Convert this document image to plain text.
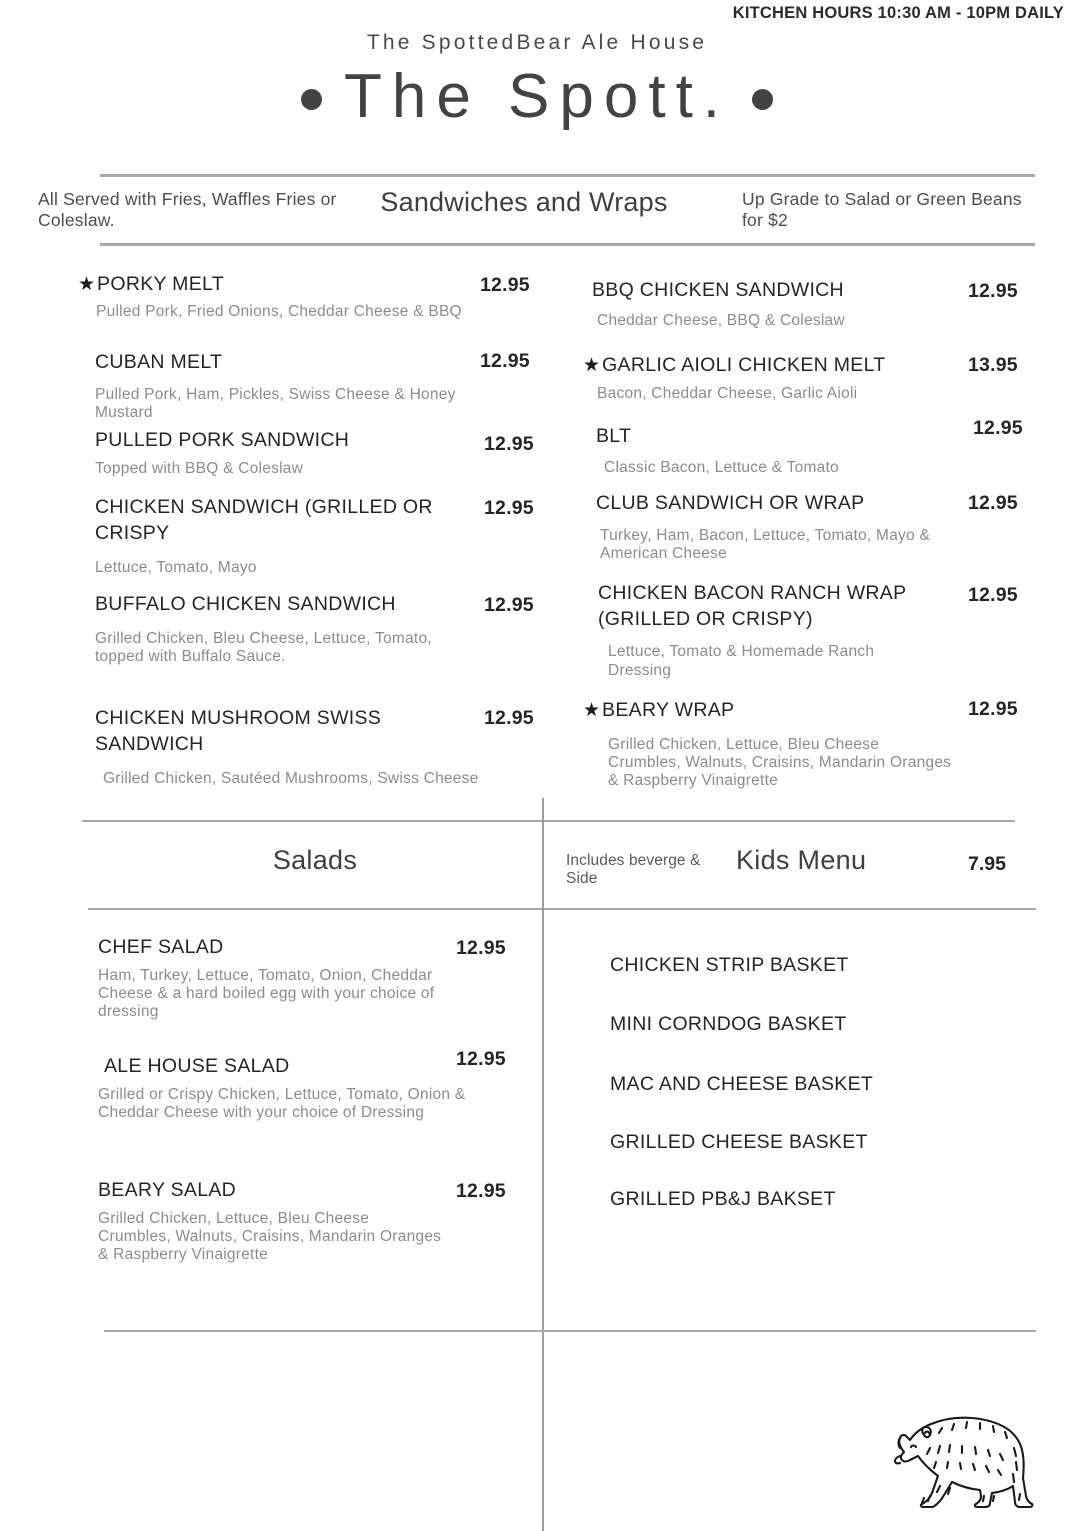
KITCHEN HOURS 10:30 AM - 10PM DAILY
The SpottedBear Ale House
The Spott.
All Served with Fries, Waffles Fries or Coleslaw.
Sandwiches and Wraps	Up Grade to Salad or Green Beans for $2
★ PORKY MELT
Pulled Pork, Fried Onions, Cheddar Cheese & BBQ
12.95
CUBAN MELT
Pulled Pork, Ham, Pickles, Swiss Cheese & Honey Mustard
12.95
PULLED PORK SANDWICH
Topped with BBQ & Coleslaw
12.95
CHICKEN SANDWICH (GRILLED OR CRISPY
Lettuce, Tomato, Mayo
12.95
BUFFALO CHICKEN SANDWICH
Grilled Chicken, Bleu Cheese, Lettuce, Tomato, topped with Buffalo Sauce.
12.95
CHICKEN MUSHROOM SWISS SANDWICH
Grilled Chicken, Sautéed Mushrooms, Swiss Cheese
12.95
BBQ CHICKEN SANDWICH
Cheddar Cheese, BBQ & Coleslaw
12.95
★ GARLIC AIOLI CHICKEN MELT
Bacon, Cheddar Cheese, Garlic Aioli
13.95
BLT
Classic Bacon, Lettuce & Tomato
12.95
CLUB SANDWICH OR WRAP
Turkey, Ham, Bacon, Lettuce, Tomato, Mayo & American Cheese
12.95
CHICKEN BACON RANCH WRAP (GRILLED OR CRISPY)
Lettuce, Tomato & Homemade Ranch Dressing
12.95
★ BEARY WRAP
Grilled Chicken, Lettuce, Bleu Cheese Crumbles, Walnuts, Craisins, Mandarin Oranges & Raspberry Vinaigrette
12.95
Salads	Includes beverge & Side
Kids Menu	7.95
CHEF SALAD
Ham, Turkey, Lettuce, Tomato, Onion, Cheddar Cheese & a hard boiled egg with your choice of dressing
12.95
ALE HOUSE SALAD
Grilled or Crispy Chicken, Lettuce, Tomato, Onion & Cheddar Cheese with your choice of Dressing
12.95
BEARY SALAD
Grilled Chicken, Lettuce, Bleu Cheese Crumbles, Walnuts, Craisins, Mandarin Oranges & Raspberry Vinaigrette
12.95
CHICKEN STRIP BASKET
MINI CORNDOG BASKET
MAC AND CHEESE BASKET
GRILLED CHEESE BASKET
GRILLED PB&J BAKSET
